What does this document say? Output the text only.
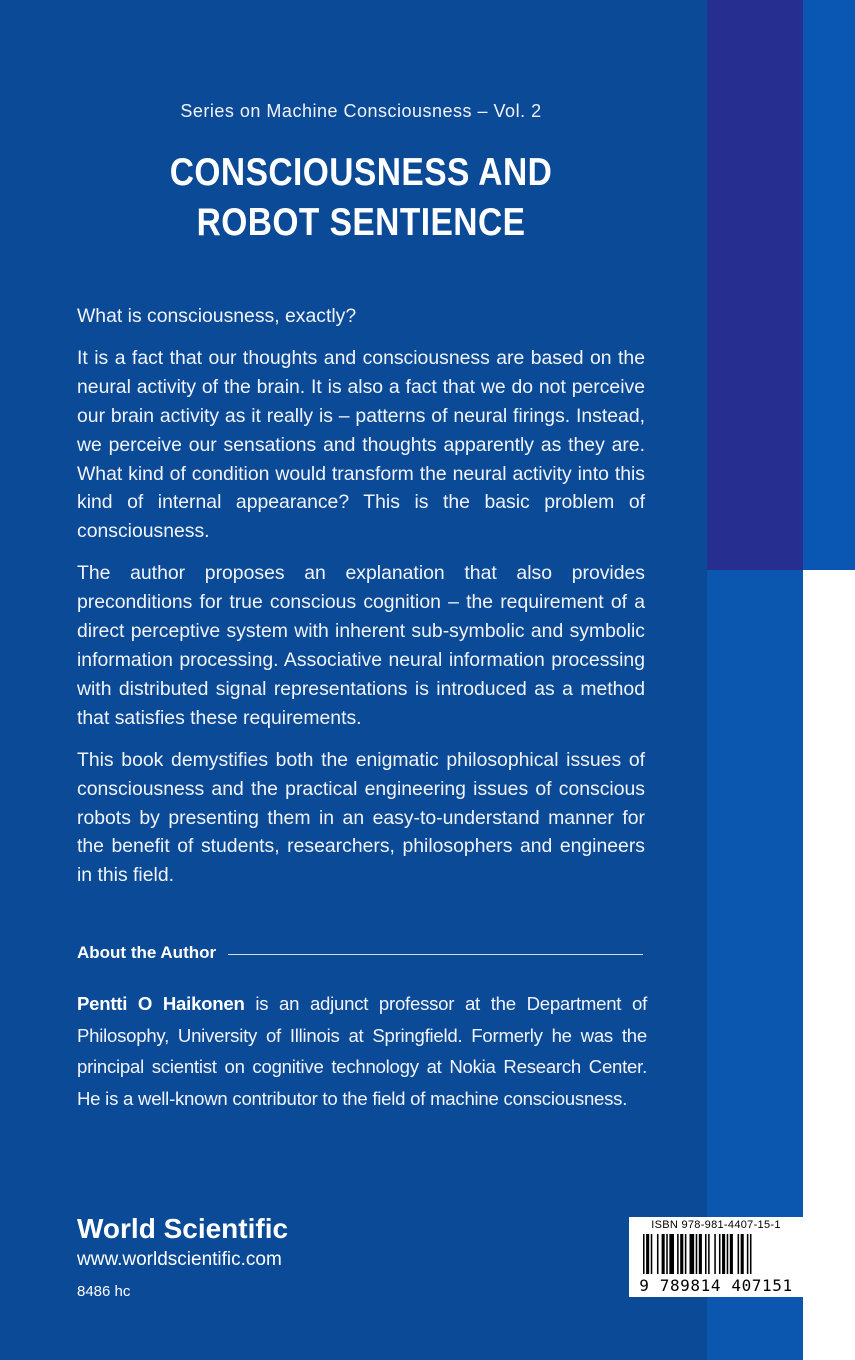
Series on Machine Consciousness – Vol. 2
CONSCIOUSNESS AND
ROBOT SENTIENCE

What is consciousness, exactly?

It is a fact that our thoughts and consciousness are based on the neural activity of the brain. It is also a fact that we do not perceive our brain activity as it really is – patterns of neural firings. Instead, we perceive our sensations and thoughts apparently as they are. What kind of condition would transform the neural activity into this kind of internal appearance? This is the basic problem of consciousness.

The author proposes an explanation that also provides preconditions for true conscious cognition – the requirement of a direct perceptive system with inherent sub-symbolic and symbolic information processing. Associative neural information processing with distributed signal representations is introduced as a method that satisfies these requirements.

This book demystifies both the enigmatic philosophical issues of consciousness and the practical engineering issues of conscious robots by presenting them in an easy-to-understand manner for the benefit of students, researchers, philosophers and engineers in this field.

About the Author
Pentti O Haikonen is an adjunct professor at the Department of Philosophy, University of Illinois at Springfield. Formerly he was the principal scientist on cognitive technology at Nokia Research Center. He is a well-known contributor to the field of machine consciousness.
World Scientific
www.worldscientific.com
8486 hc
ISBN 978-981-4407-15-1
9 789814 407151
